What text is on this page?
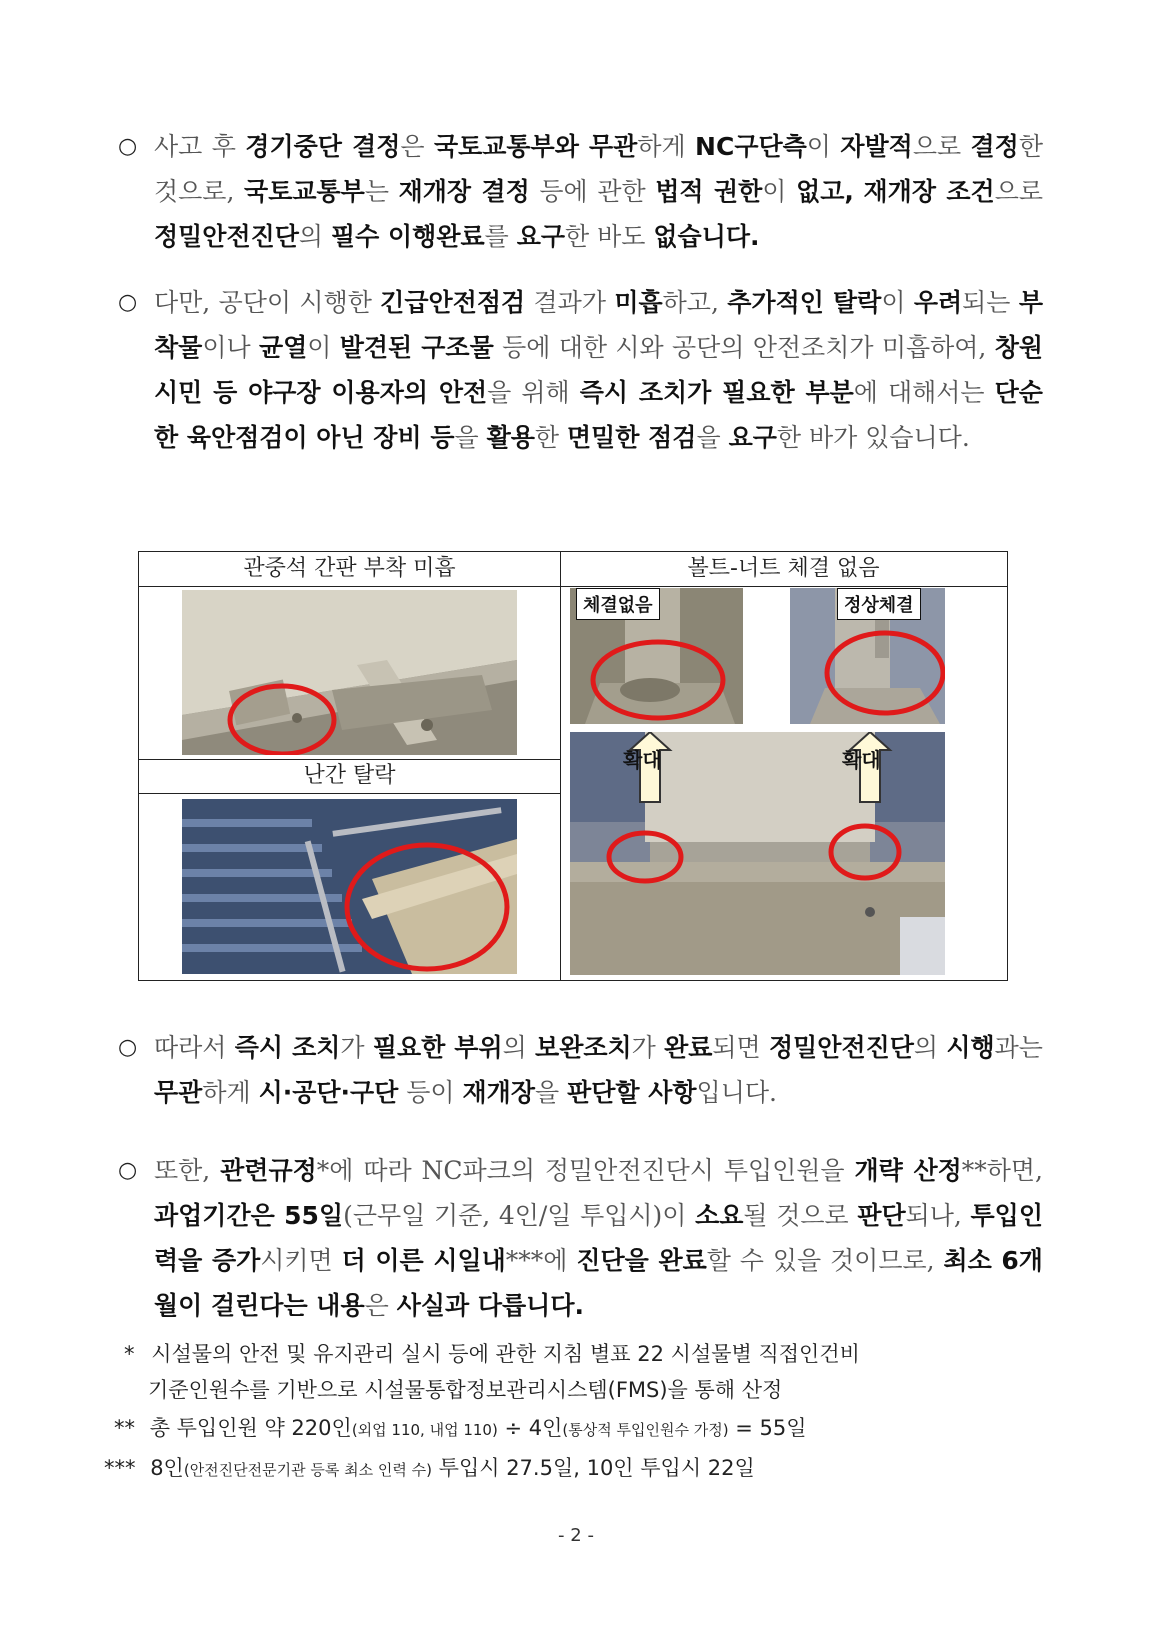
○ 사고 후 경기중단 결정은 국토교통부와 무관하게 NC구단측이 자발적으로 결정한 것으로, 국토교통부는 재개장 결정 등에 관한 법적 권한이 없고, 재개장 조건으로 정밀안전진단의 필수 이행완료를 요구한 바도 없습니다.
○ 다만, 공단이 시행한 긴급안전점검 결과가 미흡하고, 추가적인 탈락이 우려되는 부착물이나 균열이 발견된 구조물 등에 대한 시와 공단의 안전조치가 미흡하여, 창원시민 등 야구장 이용자의 안전을 위해 즉시 조치가 필요한 부분에 대해서는 단순한 육안점검이 아닌 장비 등을 활용한 면밀한 점검을 요구한 바가 있습니다.
관중석 간판 부착 미흡	볼트-너트 체결 없음
난간 탈락
체결없음	정상체결
확대	확대
○ 따라서 즉시 조치가 필요한 부위의 보완조치가 완료되면 정밀안전진단의 시행과는 무관하게 시·공단·구단 등이 재개장을 판단할 사항입니다.
○ 또한, 관련규정*에 따라 NC파크의 정밀안전진단시 투입인원을 개략 산정**하면, 과업기간은 55일(근무일 기준, 4인/일 투입시)이 소요될 것으로 판단되나, 투입인력을 증가시키면 더 이른 시일내***에 진단을 완료할 수 있을 것이므로, 최소 6개월이 걸린다는 내용은 사실과 다릅니다.
* 시설물의 안전 및 유지관리 실시 등에 관한 지침 별표 22 시설물별 직접인건비
기준인원수를 기반으로 시설물통합정보관리시스템(FMS)을 통해 산정
** 총 투입인원 약 220인(외업 110, 내업 110) ÷ 4인(통상적 투입인원수 가정) = 55일
*** 8인(안전진단전문기관 등록 최소 인력 수) 투입시 27.5일, 10인 투입시 22일
- 2 -
